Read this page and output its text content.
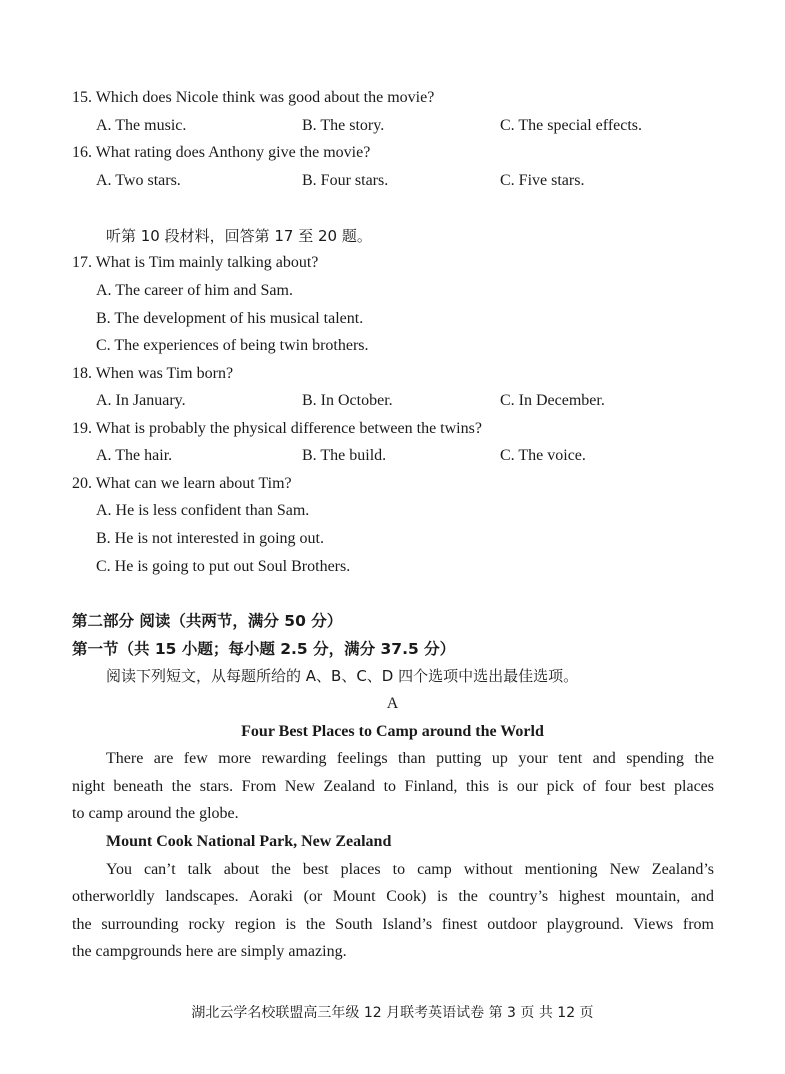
15. Which does Nicole think was good about the movie?
A. The music.	B. The story.	C. The special effects.
16. What rating does Anthony give the movie?
A. Two stars.	B. Four stars.	C. Five stars.
听第 10 段材料，回答第 17 至 20 题。
17. What is Tim mainly talking about?
A. The career of him and Sam.
B. The development of his musical talent.
C. The experiences of being twin brothers.
18. When was Tim born?
A. In January.	B. In October.	C. In December.
19. What is probably the physical difference between the twins?
A. The hair.	B. The build.	C. The voice.
20. What can we learn about Tim?
A. He is less confident than Sam.
B. He is not interested in going out.
C. He is going to put out Soul Brothers.
第二部分 阅读（共两节，满分 50 分）
第一节（共 15 小题；每小题 2.5 分，满分 37.5 分）
阅读下列短文，从每题所给的 A、B、C、D 四个选项中选出最佳选项。
A
Four Best Places to Camp around the World
There are few more rewarding feelings than putting up your tent and spending the
night beneath the stars. From New Zealand to Finland, this is our pick of four best places
to camp around the globe.
Mount Cook National Park, New Zealand
You can’t talk about the best places to camp without mentioning New Zealand’s
otherworldly landscapes. Aoraki (or Mount Cook) is the country’s highest mountain, and
the surrounding rocky region is the South Island’s finest outdoor playground. Views from
the campgrounds here are simply amazing.
湖北云学名校联盟高三年级 12 月联考英语试卷 第 3 页 共 12 页
